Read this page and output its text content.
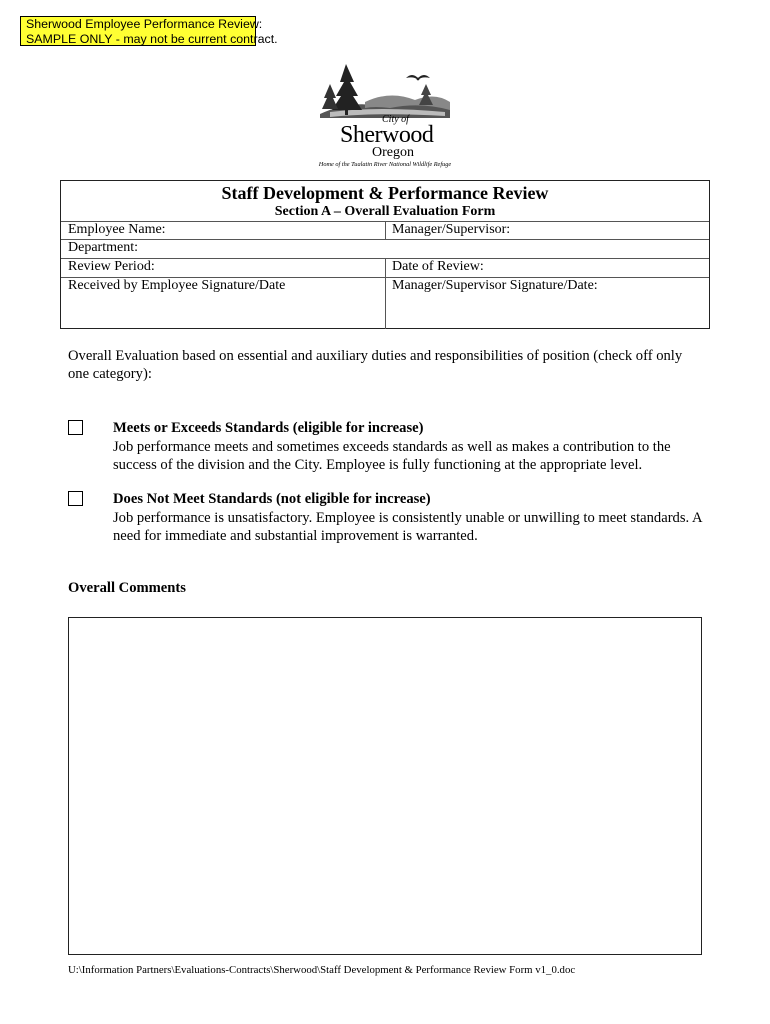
Sherwood Employee Performance Review:
SAMPLE ONLY - may not be current contract.
City of
Sherwood
Oregon
Home of the Tualatin River National Wildlife Refuge
Staff Development & Performance Review
Section A – Overall Evaluation Form
Employee Name:	Manager/Supervisor:
Department:
Review Period:	Date of Review:
Received by Employee Signature/Date	Manager/Supervisor Signature/Date:
Overall Evaluation based on essential and auxiliary duties and responsibilities of position (check off only one category):
Meets or Exceeds Standards (eligible for increase)
Job performance meets and sometimes exceeds standards as well as makes a contribution to the success of the division and the City. Employee is fully functioning at the appropriate level.
Does Not Meet Standards (not eligible for increase)
Job performance is unsatisfactory. Employee is consistently unable or unwilling to meet standards. A need for immediate and substantial improvement is warranted.
Overall Comments
U:\Information Partners\Evaluations-Contracts\Sherwood\Staff Development & Performance Review Form v1_0.doc
